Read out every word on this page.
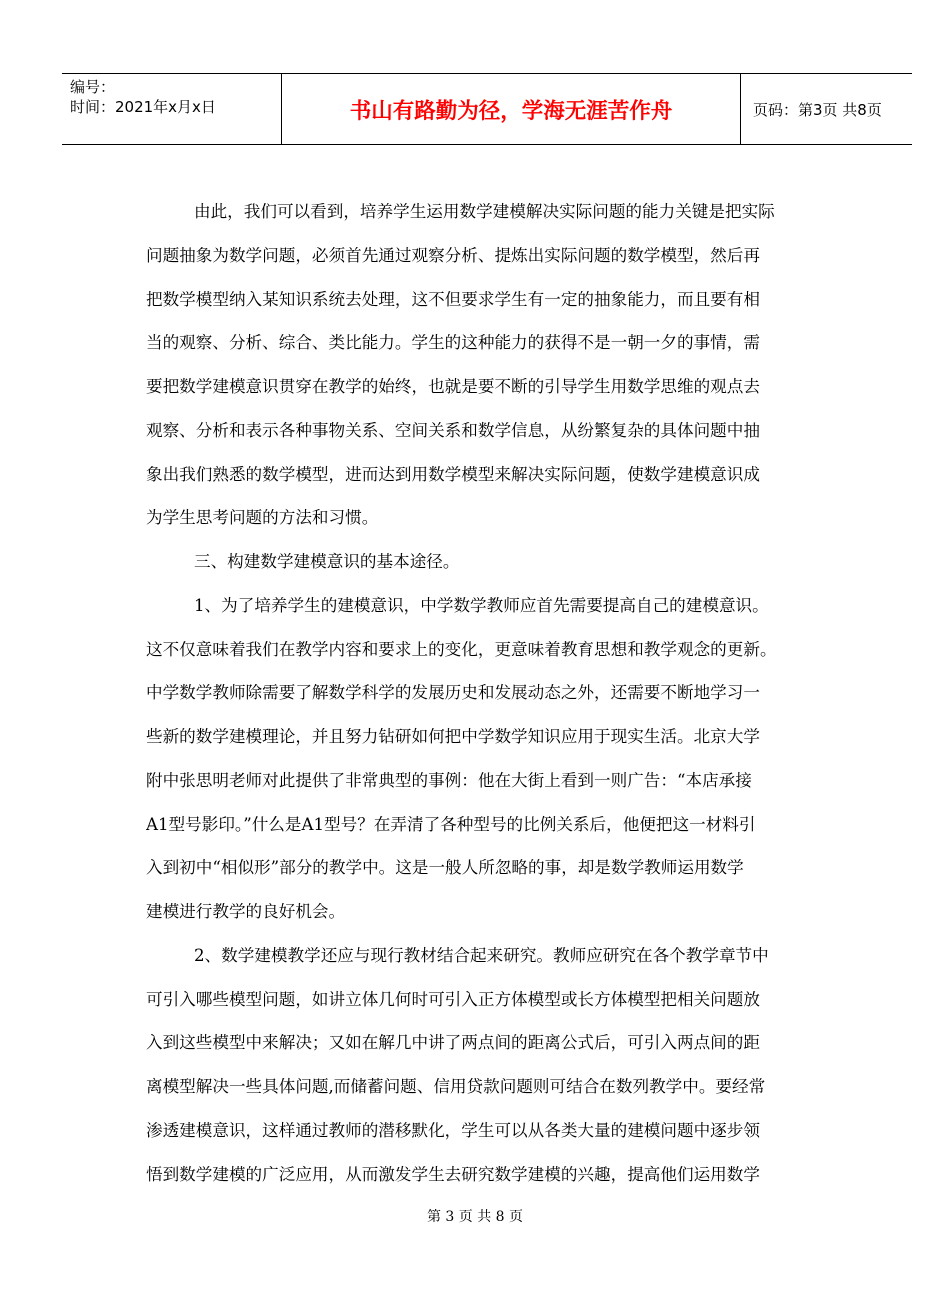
编号：
时间：2021年x月x日	书山有路勤为径，学海无涯苦作舟	页码：第3页 共8页
由此，我们可以看到，培养学生运用数学建模解决实际问题的能力关键是把实际
问题抽象为数学问题，必须首先通过观察分析、提炼出实际问题的数学模型，然后再
把数学模型纳入某知识系统去处理，这不但要求学生有一定的抽象能力，而且要有相
当的观察、分析、综合、类比能力。学生的这种能力的获得不是一朝一夕的事情，需
要把数学建模意识贯穿在教学的始终，也就是要不断的引导学生用数学思维的观点去
观察、分析和表示各种事物关系、空间关系和数学信息，从纷繁复杂的具体问题中抽
象出我们熟悉的数学模型，进而达到用数学模型来解决实际问题，使数学建模意识成
为学生思考问题的方法和习惯。
三、构建数学建模意识的基本途径。
1、为了培养学生的建模意识，中学数学教师应首先需要提高自己的建模意识。
这不仅意味着我们在教学内容和要求上的变化，更意味着教育思想和教学观念的更新。
中学数学教师除需要了解数学科学的发展历史和发展动态之外，还需要不断地学习一
些新的数学建模理论，并且努力钻研如何把中学数学知识应用于现实生活。北京大学
附中张思明老师对此提供了非常典型的事例：他在大街上看到一则广告：“本店承接
A1型号影印。”什么是A1型号？在弄清了各种型号的比例关系后，他便把这一材料引
入到初中“相似形”部分的教学中。这是一般人所忽略的事，却是数学教师运用数学
建模进行教学的良好机会。
2、数学建模教学还应与现行教材结合起来研究。教师应研究在各个教学章节中
可引入哪些模型问题，如讲立体几何时可引入正方体模型或长方体模型把相关问题放
入到这些模型中来解决；又如在解几中讲了两点间的距离公式后，可引入两点间的距
离模型解决一些具体问题,而储蓄问题、信用贷款问题则可结合在数列教学中。要经常
渗透建模意识，这样通过教师的潜移默化，学生可以从各类大量的建模问题中逐步领
悟到数学建模的广泛应用，从而激发学生去研究数学建模的兴趣，提高他们运用数学
第 3 页 共 8 页
